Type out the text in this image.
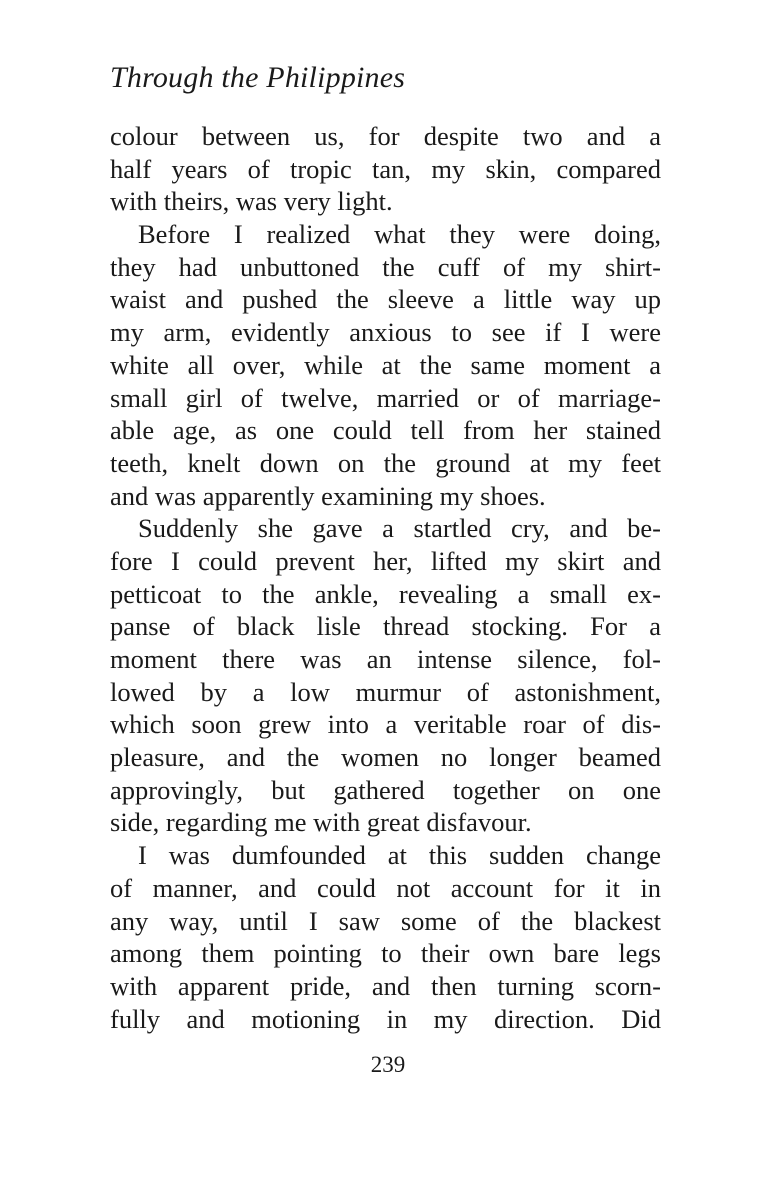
Through the Philippines
colour between us, for despite two and a
half years of tropic tan, my skin, compared
with theirs, was very light.
Before I realized what they were doing,
they had unbuttoned the cuff of my shirt-
waist and pushed the sleeve a little way up
my arm, evidently anxious to see if I were
white all over, while at the same moment a
small girl of twelve, married or of marriage-
able age, as one could tell from her stained
teeth, knelt down on the ground at my feet
and was apparently examining my shoes.
Suddenly she gave a startled cry, and be-
fore I could prevent her, lifted my skirt and
petticoat to the ankle, revealing a small ex-
panse of black lisle thread stocking. For a
moment there was an intense silence, fol-
lowed by a low murmur of astonishment,
which soon grew into a veritable roar of dis-
pleasure, and the women no longer beamed
approvingly, but gathered together on one
side, regarding me with great disfavour.
I was dumfounded at this sudden change
of manner, and could not account for it in
any way, until I saw some of the blackest
among them pointing to their own bare legs
with apparent pride, and then turning scorn-
fully and motioning in my direction. Did
239
